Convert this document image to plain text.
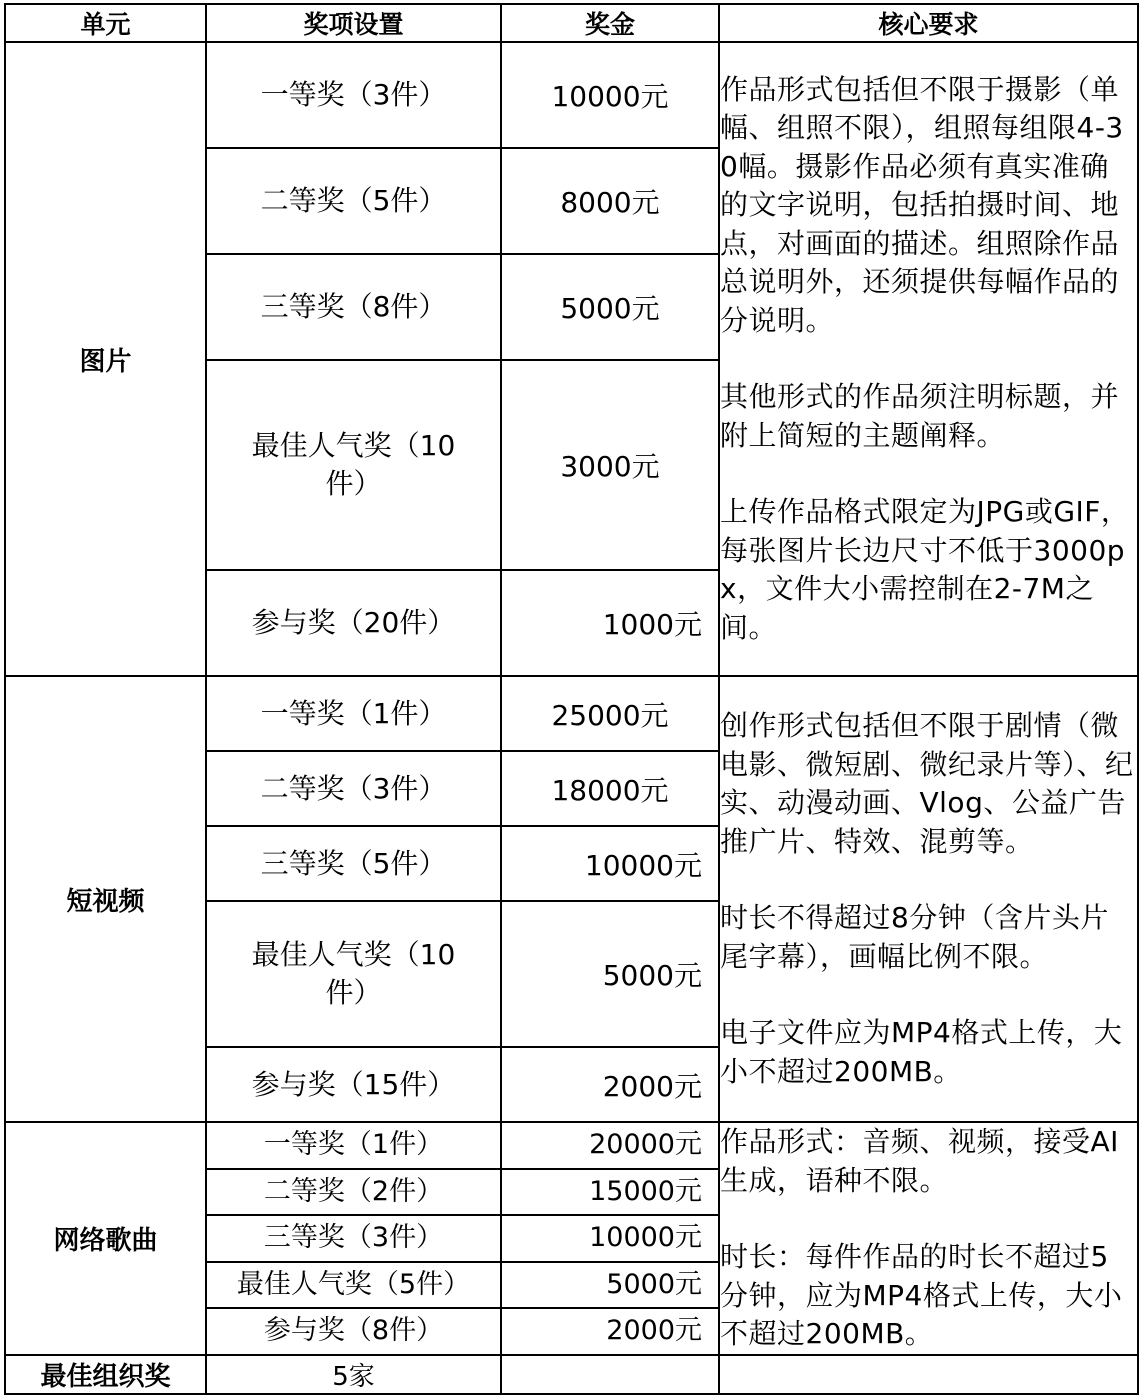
单元	奖项设置	奖金	核心要求
图片	一等奖（3件）	10000元	作品形式包括但不限于摄影（单幅、组照不限），组照每组限4-30幅。摄影作品必须有真实准确的文字说明，包括拍摄时间、地点，对画面的描述。组照除作品总说明外，还须提供每幅作品的分说明。

其他形式的作品须注明标题，并附上简短的主题阐释。

上传作品格式限定为JPG或GIF，每张图片长边尺寸不低于3000px，文件大小需控制在2-7M之间。

	二等奖（5件）	8000元	
	三等奖（8件）	5000元	
	最佳人气奖（10件）	3000元	
	参与奖（20件）	1000元	
短视频	一等奖（1件）	25000元	创作形式包括但不限于剧情（微电影、微短剧、微纪录片等）、纪实、动漫动画、Vlog、公益广告推广片、特效、混剪等。

时长不得超过8分钟（含片头片尾字幕），画幅比例不限。

电子文件应为MP4格式上传，大小不超过200MB。

	二等奖（3件）	18000元	
	三等奖（5件）	10000元	
	最佳人气奖（10件）	5000元	
	参与奖（15件）	2000元	
网络歌曲	一等奖（1件）	20000元	作品形式：音频、视频，接受AI生成，语种不限。

时长：每件作品的时长不超过5分钟，应为MP4格式上传，大小不超过200MB。

	二等奖（2件）	15000元	
	三等奖（3件）	10000元	
	最佳人气奖（5件）	5000元	
	参与奖（8件）	2000元	
最佳组织奖	5家		
